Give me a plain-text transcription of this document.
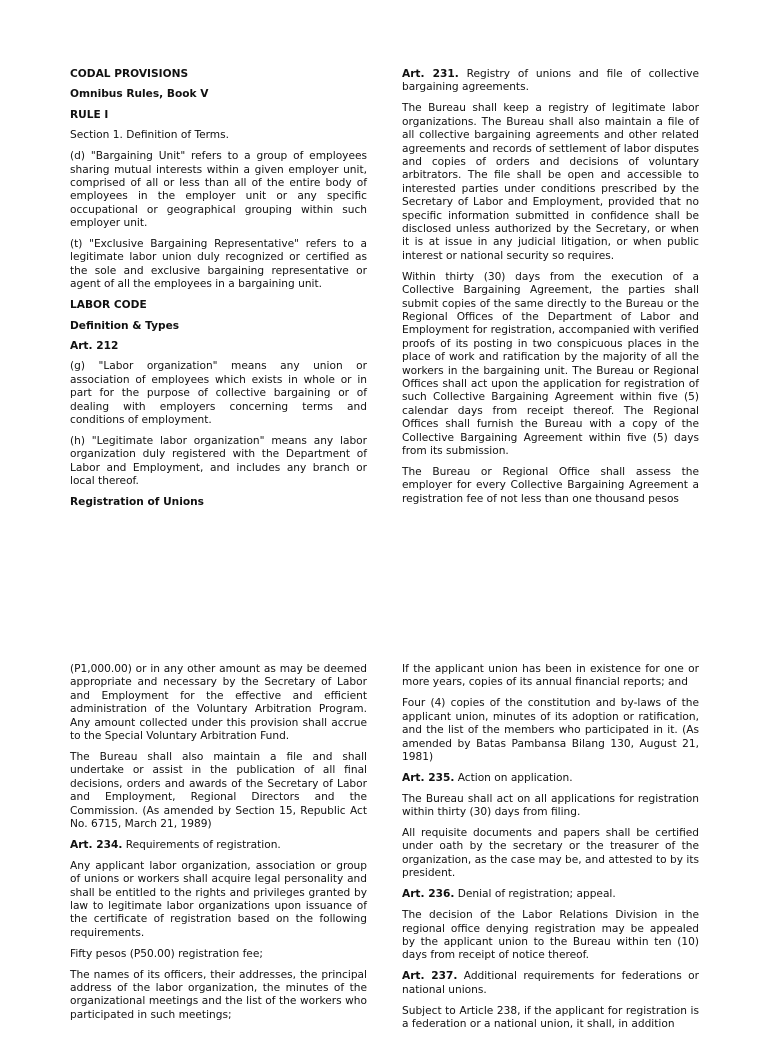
CODAL PROVISIONS

Omnibus Rules, Book V

RULE I

Section 1. Definition of Terms.

(d) "Bargaining Unit" refers to a group of employees sharing mutual interests within a given employer unit, comprised of all or less than all of the entire body of employees in the employer unit or any specific occupational or geographical grouping within such employer unit.

(t) "Exclusive Bargaining Representative" refers to a legitimate labor union duly recognized or certified as the sole and exclusive bargaining representative or agent of all the employees in a bargaining unit.

LABOR CODE

Definition & Types

Art. 212

(g) "Labor organization" means any union or association of employees which exists in whole or in part for the purpose of collective bargaining or of dealing with employers concerning terms and conditions of employment.

(h) "Legitimate labor organization" means any labor organization duly registered with the Department of Labor and Employment, and includes any branch or local thereof.

Registration of Unions

Art. 231. Registry of unions and file of collective bargaining agreements.

The Bureau shall keep a registry of legitimate labor organizations. The Bureau shall also maintain a file of all collective bargaining agreements and other related agreements and records of settlement of labor disputes and copies of orders and decisions of voluntary arbitrators. The file shall be open and accessible to interested parties under conditions prescribed by the Secretary of Labor and Employment, provided that no specific information submitted in confidence shall be disclosed unless authorized by the Secretary, or when it is at issue in any judicial litigation, or when public interest or national security so requires.

Within thirty (30) days from the execution of a Collective Bargaining Agreement, the parties shall submit copies of the same directly to the Bureau or the Regional Offices of the Department of Labor and Employment for registration, accompanied with verified proofs of its posting in two conspicuous places in the place of work and ratification by the majority of all the workers in the bargaining unit. The Bureau or Regional Offices shall act upon the application for registration of such Collective Bargaining Agreement within five (5) calendar days from receipt thereof. The Regional Offices shall furnish the Bureau with a copy of the Collective Bargaining Agreement within five (5) days from its submission.

The Bureau or Regional Office shall assess the employer for every Collective Bargaining Agreement a registration fee of not less than one thousand pesos

(P1,000.00) or in any other amount as may be deemed appropriate and necessary by the Secretary of Labor and Employment for the effective and efficient administration of the Voluntary Arbitration Program. Any amount collected under this provision shall accrue to the Special Voluntary Arbitration Fund.

The Bureau shall also maintain a file and shall undertake or assist in the publication of all final decisions, orders and awards of the Secretary of Labor and Employment, Regional Directors and the Commission. (As amended by Section 15, Republic Act No. 6715, March 21, 1989)

Art. 234. Requirements of registration.

Any applicant labor organization, association or group of unions or workers shall acquire legal personality and shall be entitled to the rights and privileges granted by law to legitimate labor organizations upon issuance of the certificate of registration based on the following requirements.

Fifty pesos (P50.00) registration fee;

The names of its officers, their addresses, the principal address of the labor organization, the minutes of the organizational meetings and the list of the workers who participated in such meetings;

If the applicant union has been in existence for one or more years, copies of its annual financial reports; and

Four (4) copies of the constitution and by-laws of the applicant union, minutes of its adoption or ratification, and the list of the members who participated in it. (As amended by Batas Pambansa Bilang 130, August 21, 1981)

Art. 235. Action on application.

The Bureau shall act on all applications for registration within thirty (30) days from filing.

All requisite documents and papers shall be certified under oath by the secretary or the treasurer of the organization, as the case may be, and attested to by its president.

Art. 236. Denial of registration; appeal.

The decision of the Labor Relations Division in the regional office denying registration may be appealed by the applicant union to the Bureau within ten (10) days from receipt of notice thereof.

Art. 237. Additional requirements for federations or national unions.

Subject to Article 238, if the applicant for registration is a federation or a national union, it shall, in addition
